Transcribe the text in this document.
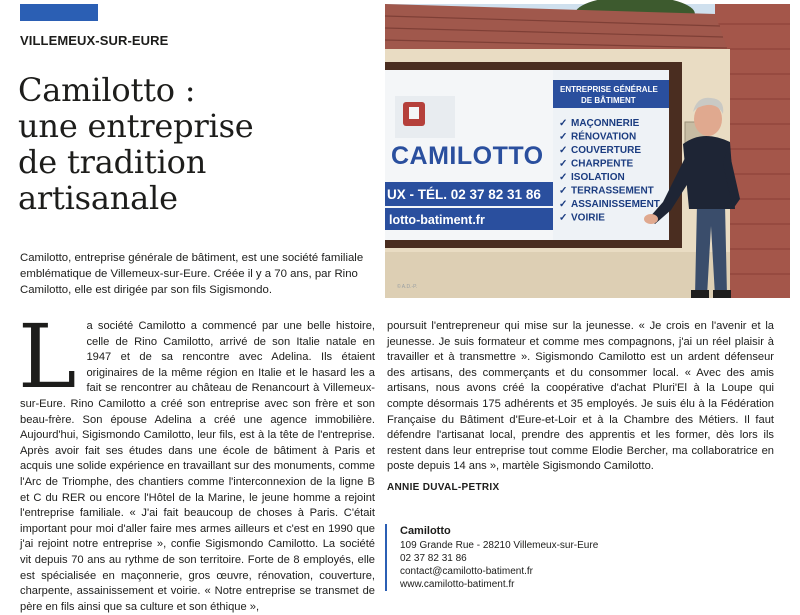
VILLEMEUX-SUR-EURE
Camilotto :
une entreprise
de tradition
artisanale

Camilotto, entreprise générale de bâtiment, est une société familiale emblématique de Villemeux-sur-Eure. Créée il y a 70 ans, par Rino Camilotto, elle est dirigée par son fils Sigismondo.

CAMILOTTO
UX - TÉL. 02 37 82 31 86
lotto-batiment.fr
ENTREPRISE GÉNÉRALE
DE BÂTIMENT
✓ MAÇONNERIE
✓ RÉNOVATION
✓ COUVERTURE
✓ CHARPENTE
✓ ISOLATION
✓ TERRASSEMENT
✓ ASSAINISSEMENT
✓ VOIRIE
© A.D.-P.
L a société Camilotto a commencé par une belle histoire, celle de Rino Camilotto, arrivé de son Italie natale en 1947 et de sa rencontre avec Adelina. Ils étaient originaires de la même région en Italie et le hasard les a fait se rencontrer au château de Renancourt à Villemeux-sur-Eure. Rino Camilotto a créé son entreprise avec son frère et son beau-frère. Son épouse Adelina a créé une agence immobilière. Aujourd'hui, Sigismondo Camilotto, leur fils, est à la tête de l'entreprise. Après avoir fait ses études dans une école de bâtiment à Paris et acquis une solide expérience en travaillant sur des monuments, comme l'Arc de Triomphe, des chantiers comme l'interconnexion de la ligne B et C du RER ou encore l'Hôtel de la Marine, le jeune homme a rejoint l'entreprise familiale. « J'ai fait beaucoup de choses à Paris. C'était important pour moi d'aller faire mes armes ailleurs et c'est en 1990 que j'ai rejoint notre entreprise », confie Sigismondo Camilotto. La société vit depuis 70 ans au rythme de son territoire. Forte de 8 employés, elle est spécialisée en maçonnerie, gros œuvre, rénovation, couverture, charpente, assainissement et voirie. « Notre entreprise se transmet de père en fils ainsi que sa culture et son éthique »,

poursuit l'entrepreneur qui mise sur la jeunesse. « Je crois en l'avenir et la jeunesse. Je suis formateur et comme mes compagnons, j'ai un réel plaisir à travailler et à transmettre ». Sigismondo Camilotto est un ardent défenseur des artisans, des commerçants et du consommer local. « Avec des amis artisans, nous avons créé la coopérative d'achat Pluri'El à la Loupe qui compte désormais 175 adhérents et 35 employés. Je suis élu à la Fédération Française du Bâtiment d'Eure-et-Loir et à la Chambre des Métiers. Il faut défendre l'artisanat local, prendre des apprentis et les former, dès lors ils restent dans leur entreprise tout comme Elodie Bercher, ma collaboratrice en poste depuis 14 ans », martèle Sigismondo Camilotto.

ANNIE DUVAL-PETRIX
Camilotto
109 Grande Rue - 28210 Villemeux-sur-Eure
02 37 82 31 86
contact@camilotto-batiment.fr
www.camilotto-batiment.fr
